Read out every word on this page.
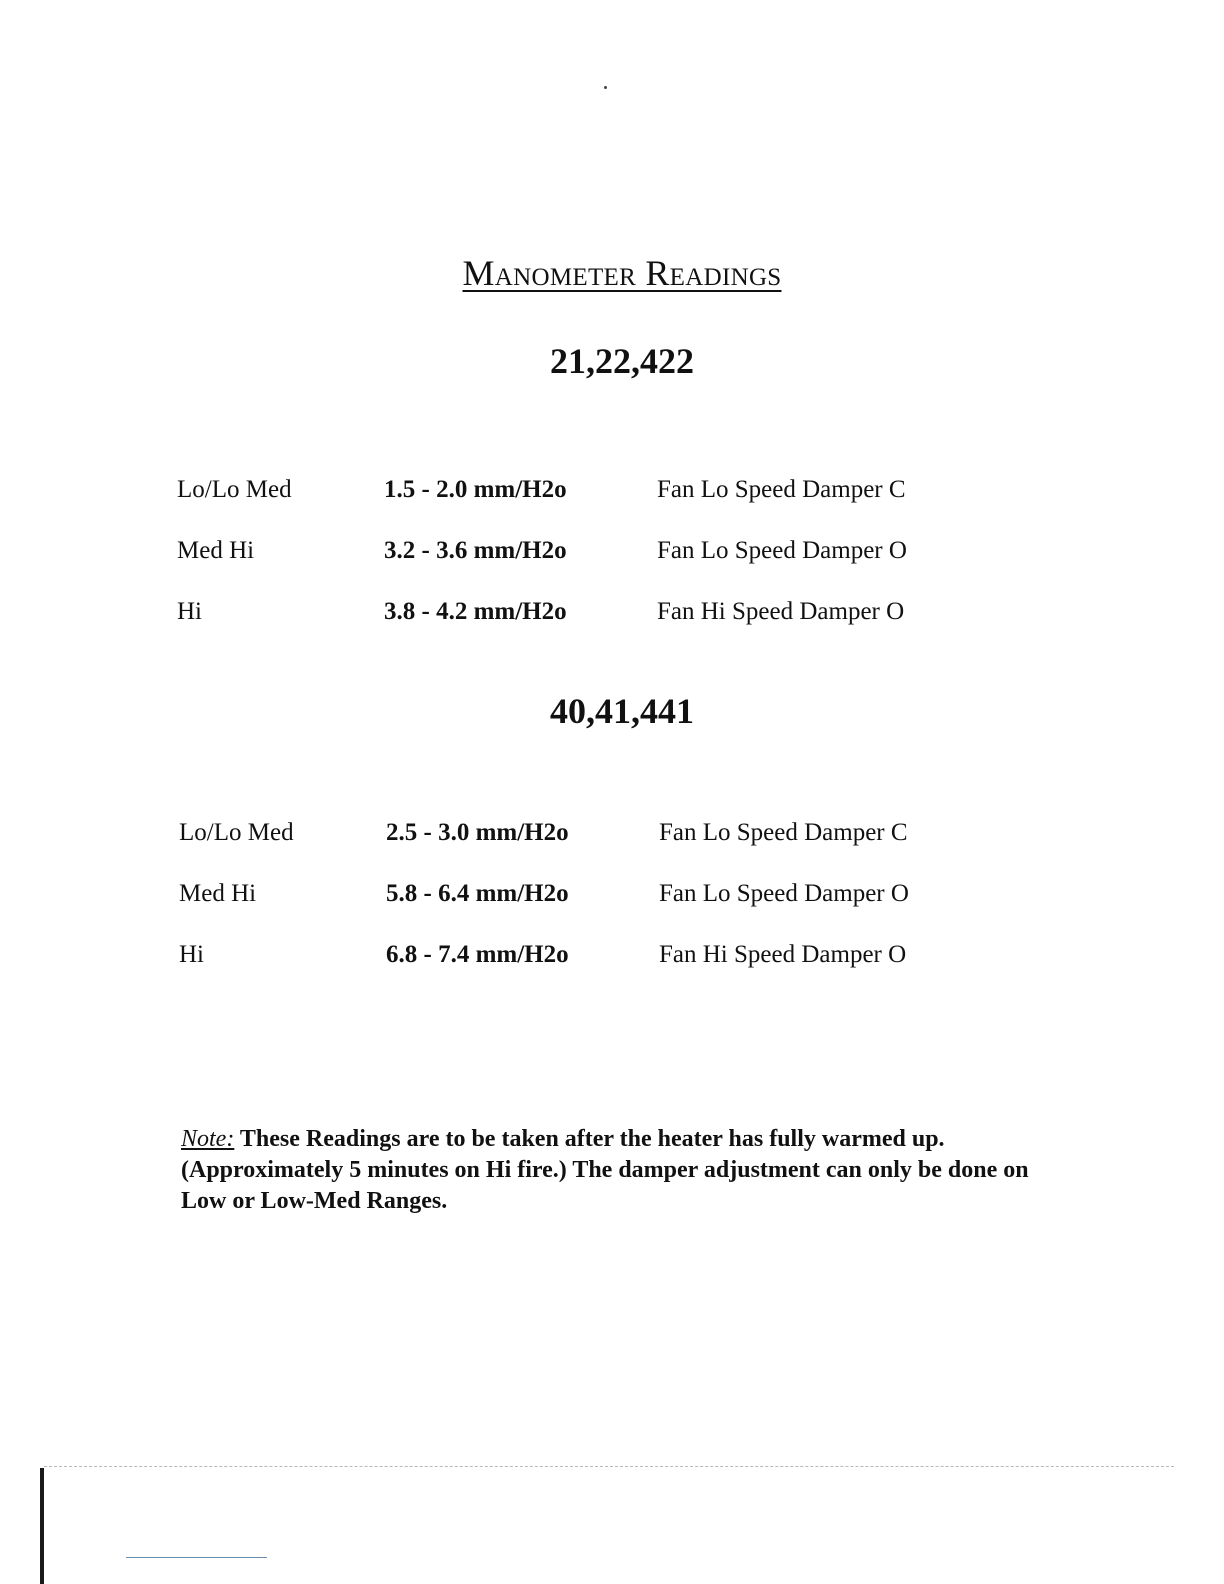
Manometer Readings
21,22,422
Lo/Lo Med	1.5 - 2.0 mm/H2o	Fan Lo Speed Damper C
Med Hi	3.2 - 3.6 mm/H2o	Fan Lo Speed Damper O
Hi	3.8 - 4.2 mm/H2o	Fan Hi Speed Damper O
40,41,441
Lo/Lo Med	2.5 - 3.0 mm/H2o	Fan Lo Speed Damper C
Med Hi	5.8 - 6.4 mm/H2o	Fan Lo Speed Damper O
Hi	6.8 - 7.4 mm/H2o	Fan Hi Speed Damper O
Note: These Readings are to be taken after the heater has fully warmed up. (Approximately 5 minutes on Hi fire.) The damper adjustment can only be done on Low or Low-Med Ranges.
